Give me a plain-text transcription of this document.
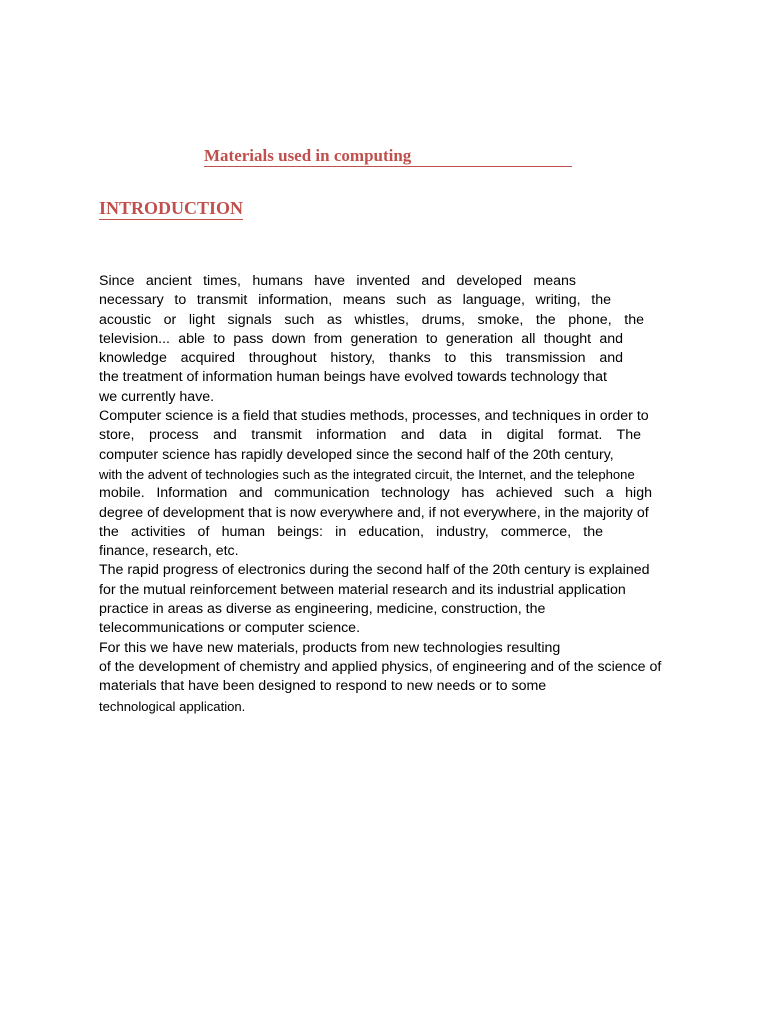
Materials used in computing
INTRODUCTION
Since ancient times, humans have invented and developed means
necessary to transmit information, means such as language, writing, the
acoustic or light signals such as whistles, drums, smoke, the phone, the
television... able to pass down from generation to generation all thought and
knowledge acquired throughout history, thanks to this transmission and
the treatment of information human beings have evolved towards technology that
we currently have.
Computer science is a field that studies methods, processes, and techniques in order to
store, process and transmit information and data in digital format. The
computer science has rapidly developed since the second half of the 20th century,
with the advent of technologies such as the integrated circuit, the Internet, and the telephone
mobile. Information and communication technology has achieved such a high
degree of development that is now everywhere and, if not everywhere, in the majority of
the activities of human beings: in education, industry, commerce, the
finance, research, etc.
The rapid progress of electronics during the second half of the 20th century is explained
for the mutual reinforcement between material research and its industrial application
practice in areas as diverse as engineering, medicine, construction, the
telecommunications or computer science.
For this we have new materials, products from new technologies resulting
of the development of chemistry and applied physics, of engineering and of the science of
materials that have been designed to respond to new needs or to some
technological application.
